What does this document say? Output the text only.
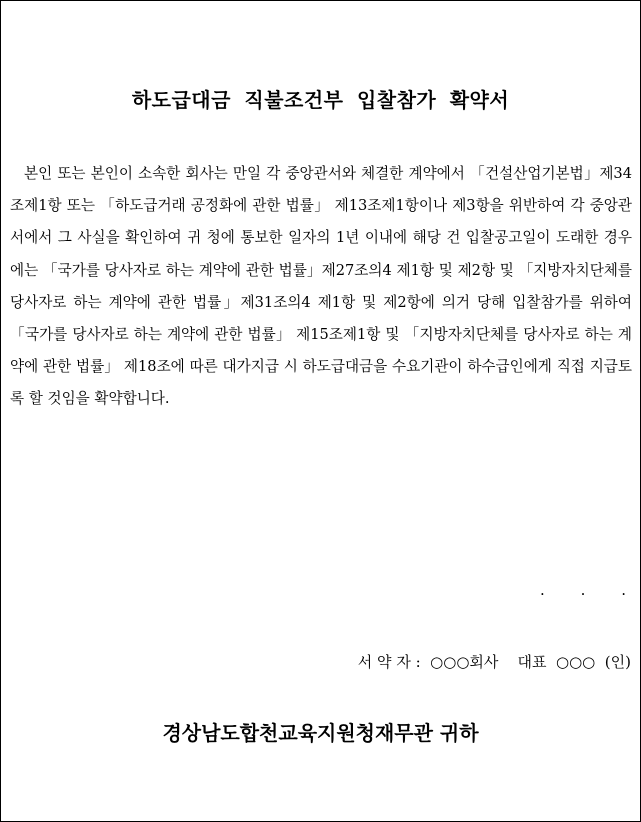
하도급대금 직불조건부 입찰참가 확약서

본인 또는 본인이 소속한 회사는 만일 각 중앙관서와 체결한 계약에서 「건설산업기본법」제34조제1항 또는 「하도급거래 공정화에 관한 법률」 제13조제1항이나 제3항을 위반하여 각 중앙관서에서 그 사실을 확인하여 귀 청에 통보한 일자의 1년 이내에 해당 건 입찰공고일이 도래한 경우에는 「국가를 당사자로 하는 계약에 관한 법률」제27조의4 제1항 및 제2항 및 「지방자치단체를 당사자로 하는 계약에 관한 법률」제31조의4 제1항 및 제2항에 의거 당해 입찰참가를 위하여 「국가를 당사자로 하는 계약에 관한 법률」 제15조제1항 및 「지방자치단체를 당사자로 하는 계약에 관한 법률」 제18조에 따른 대가지급 시 하도급대금을 수요기관이 하수급인에게 직접 지급토록 할 것임을 확약합니다.

.     .     .
서 약 자 :  ○○○회사    대표  ○○○  (인)
경상남도합천교육지원청재무관 귀하
